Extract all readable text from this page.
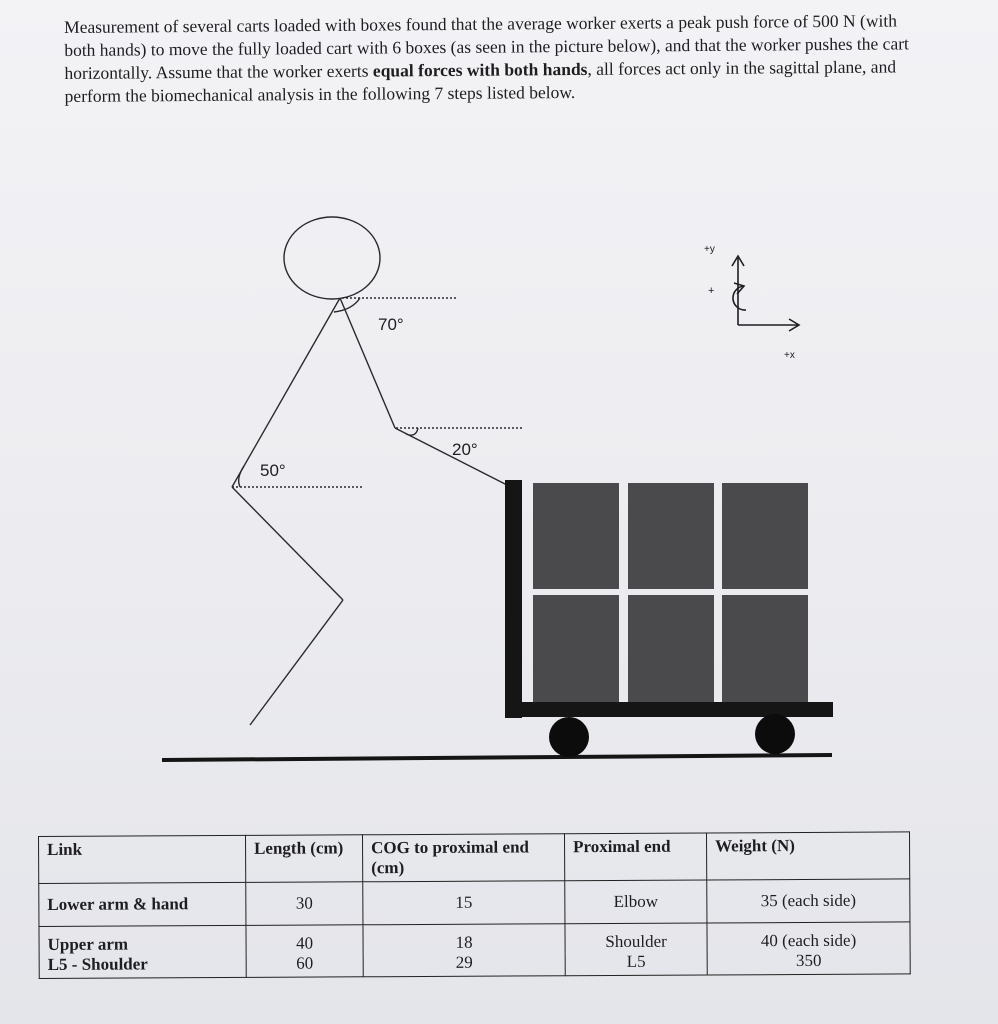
Measurement of several carts loaded with boxes found that the average worker exerts a peak push force of 500 N (with both hands) to move the fully loaded cart with 6 boxes (as seen in the picture below), and that the worker pushes the cart horizontally. Assume that the worker exerts equal forces with both hands, all forces act only in the sagittal plane, and perform the biomechanical analysis in the following 7 steps listed below.
70°
20°
50°
+y
+
+x
Link	Length (cm)	COG to proximal end (cm)	Proximal end	Weight (N)
Lower arm & hand	30	15	Elbow	35 (each side)
Upper arm	40	18	Shoulder	40 (each side)
L5 - Shoulder	60	29	L5	350
